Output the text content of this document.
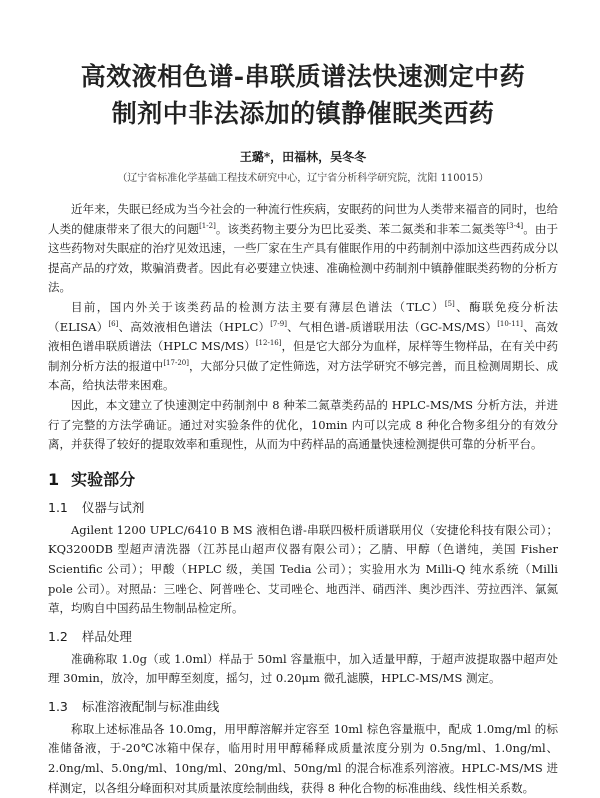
高效液相色谱-串联质谱法快速测定中药
制剂中非法添加的镇静催眠类西药
王璐*，田福林，吴冬冬
（辽宁省标准化学基础工程技术研究中心，辽宁省分析科学研究院，沈阳 110015）

近年来，失眠已经成为当今社会的一种流行性疾病，安眠药的问世为人类带来福音的同时，也给人类的健康带来了很大的问题[1-2]。该类药物主要分为巴比妥类、苯二氮类和非苯二氮类等[3-4]。由于这些药物对失眠症的治疗见效迅速，一些厂家在生产具有催眠作用的中药制剂中添加这些西药成分以提高产品的疗效，欺骗消费者。因此有必要建立快速、准确检测中药制剂中镇静催眠类药物的分析方法。

目前，国内外关于该类药品的检测方法主要有薄层色谱法（TLC）[5]、酶联免疫分析法（ELISA）[6]、高效液相色谱法（HPLC）[7-9]、气相色谱-质谱联用法（GC-MS/MS）[10-11]、高效液相色谱串联质谱法（HPLC MS/MS）[12-16]，但是它大部分为血样，尿样等生物样品，在有关中药制剂分析方法的报道中[17-20]，大部分只做了定性筛选，对方法学研究不够完善，而且检测周期长、成本高，给执法带来困难。

因此，本文建立了快速测定中药制剂中 8 种苯二氮䓬类药品的 HPLC-MS/MS 分析方法，并进行了完整的方法学确证。通过对实验条件的优化，10min 内可以完成 8 种化合物多组分的有效分离，并获得了较好的提取效率和重现性，从而为中药样品的高通量快速检测提供可靠的分析平台。

1 实验部分
1.1 仪器与试剂

Agilent 1200 UPLC/6410 B MS 液相色谱-串联四极杆质谱联用仪（安捷伦科技有限公司）；KQ3200DB 型超声清洗器（江苏昆山超声仪器有限公司）；乙腈、甲醇（色谱纯，美国 Fisher Scientific 公司）；甲酸（HPLC 级，美国 Tedia 公司）；实验用水为 Milli-Q 纯水系统（Milli pole 公司）。对照品：三唑仑、阿普唑仑、艾司唑仑、地西泮、硝西泮、奥沙西泮、劳拉西泮、氯氮䓬，均购自中国药品生物制品检定所。

1.2 样品处理

准确称取 1.0g（或 1.0ml）样品于 50ml 容量瓶中，加入适量甲醇，于超声波提取器中超声处理 30min，放冷，加甲醇至刻度，摇匀，过 0.20μm 微孔滤膜，HPLC-MS/MS 测定。

1.3 标准溶液配制与标准曲线

称取上述标准品各 10.0mg，用甲醇溶解并定容至 10ml 棕色容量瓶中，配成 1.0mg/ml 的标准储备液，于-20℃冰箱中保存，临用时用甲醇稀释成质量浓度分别为 0.5ng/ml、1.0ng/ml、2.0ng/ml、5.0ng/ml、10ng/ml、20ng/ml、50ng/ml 的混合标准系列溶液。HPLC-MS/MS 进样测定，以各组分峰面积对其质量浓度绘制曲线，获得 8 种化合物的标准曲线、线性相关系数。
